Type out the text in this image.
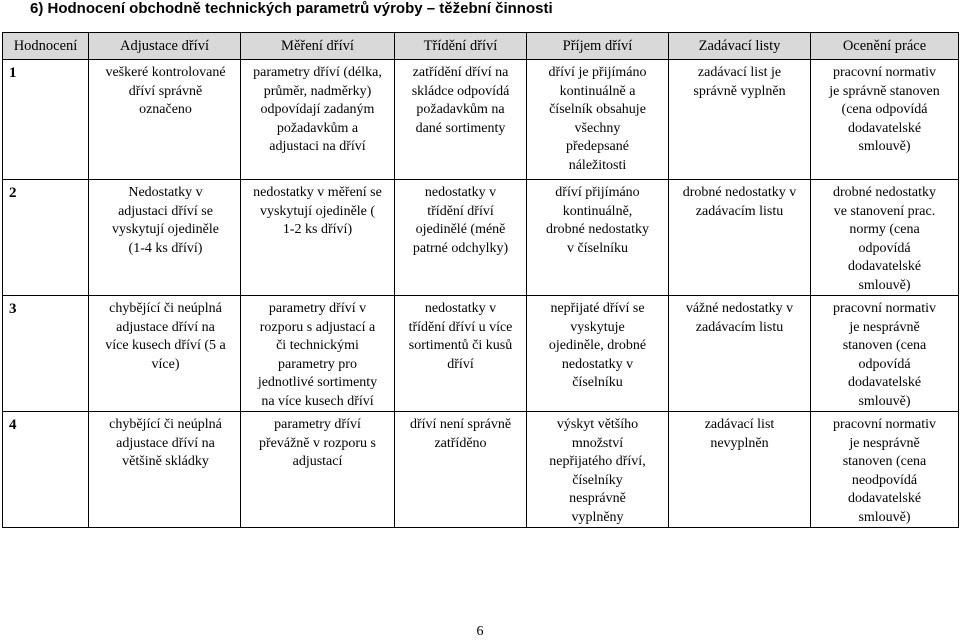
6) Hodnocení obchodně technických parametrů výroby – těžební činnosti
Hodnocení	Adjustace dříví	Měření dříví	Třídění dříví	Příjem dříví	Zadávací listy	Ocenění práce
1	veškeré kontrolované dříví správně označeno	parametry dříví (délka, průměr, nadměrky) odpovídají zadaným požadavkům a adjustaci na dříví	zatřídění dříví na skládce odpovídá požadavkům na dané sortimenty	dříví je přijímáno kontinuálně a číselník obsahuje všechny předepsané náležitosti	zadávací list je správně vyplněn	pracovní normativ je správně stanoven (cena odpovídá dodavatelské smlouvě)
2	Nedostatky v adjustaci dříví se vyskytují ojediněle (1-4 ks dříví)	nedostatky v měření se vyskytují ojediněle ( 1-2 ks dříví)	nedostatky v třídění dříví ojedinělé (méně patrné odchylky)	dříví přijímáno kontinuálně, drobné nedostatky v číselníku	drobné nedostatky v zadávacím listu	drobné nedostatky ve stanovení prac. normy (cena odpovídá dodavatelské smlouvě)
3	chybějící či neúplná adjustace dříví na více kusech dříví (5 a více)	parametry dříví v rozporu s adjustací a či technickými parametry pro jednotlivé sortimenty na více kusech dříví	nedostatky v třídění dříví u více sortimentů či kusů dříví	nepřijaté dříví se vyskytuje ojediněle, drobné nedostatky v číselníku	vážné nedostatky v zadávacím listu	pracovní normativ je nesprávně stanoven (cena odpovídá dodavatelské smlouvě)
4	chybějící či neúplná adjustace dříví na většině skládky	parametry dříví převážně v rozporu s adjustací	dříví není správně zatříděno	výskyt většího množství nepřijatého dříví, číselníky nesprávně vyplněny	zadávací list nevyplněn	pracovní normativ je nesprávně stanoven (cena neodpovídá dodavatelské smlouvě)
6
